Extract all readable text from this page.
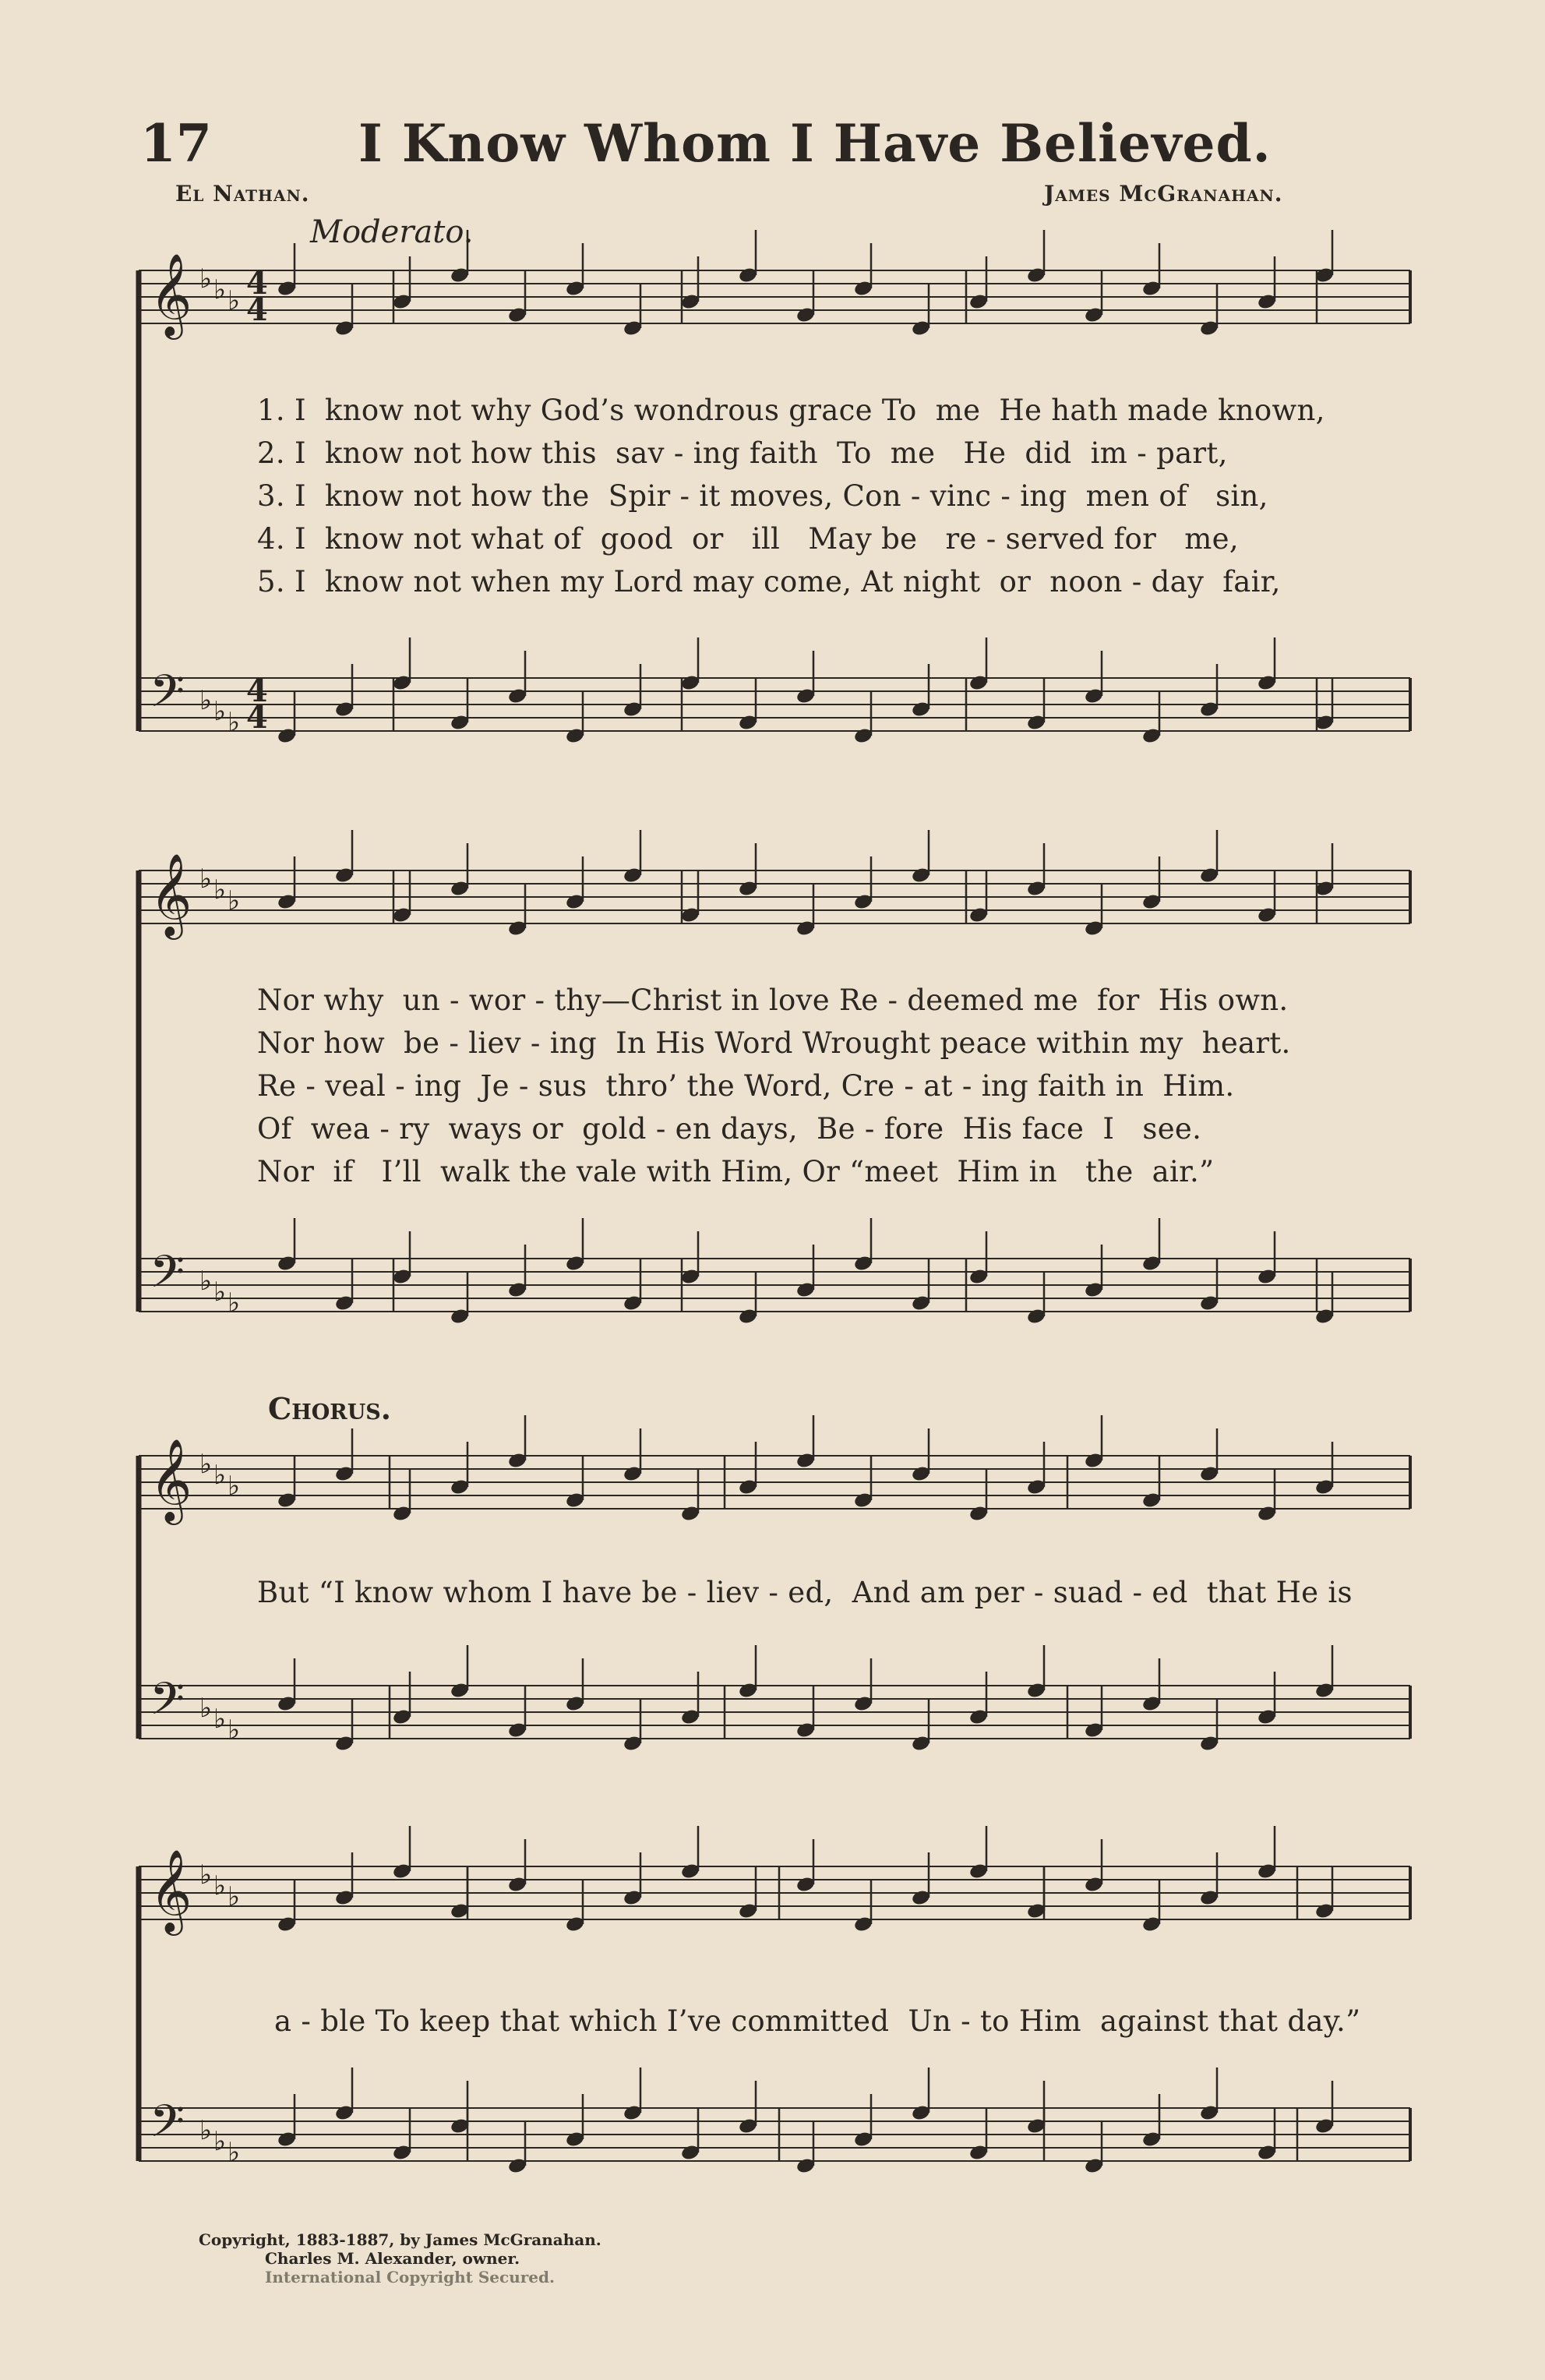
17	I Know Whom I Have Believed.
El Nathan.	James McGranahan.
Moderato.
𝄞 ♭ ♭ ♭
𝄢 ♭ ♭ ♭
𝄞 ♭ ♭ ♭
𝄢 ♭ ♭ ♭
𝄞 ♭ ♭ ♭
𝄢 ♭ ♭ ♭
𝄞 ♭ ♭ ♭
𝄢 ♭ ♭ ♭
4
4
4
4
1. I  know not why God’s wondrous grace To  me  He hath made known,
2. I  know not how this  sav - ing faith  To  me   He  did  im - part,
3. I  know not how the  Spir - it moves, Con - vinc - ing  men of   sin,
4. I  know not what of  good  or   ill   May be   re - served for   me,
5. I  know not when my Lord may come, At night  or  noon - day  fair,
Nor why  un - wor - thy—Christ in love Re - deemed me  for  His own.
Nor how  be - liev - ing  In His Word Wrought peace within my  heart.
Re - veal - ing  Je - sus  thro’ the Word, Cre - at - ing faith in  Him.
Of  wea - ry  ways or  gold - en days,  Be - fore  His face  I   see.
Nor  if   I’ll  walk the vale with Him, Or “meet  Him in   the  air.”
Chorus.
But “I know whom I have be - liev - ed,  And am per - suad - ed  that He is
a - ble To keep that which I’ve committed  Un - to Him  against that day.”
Copyright, 1883-1887, by James McGranahan.
Charles M. Alexander, owner.
International Copyright Secured.
